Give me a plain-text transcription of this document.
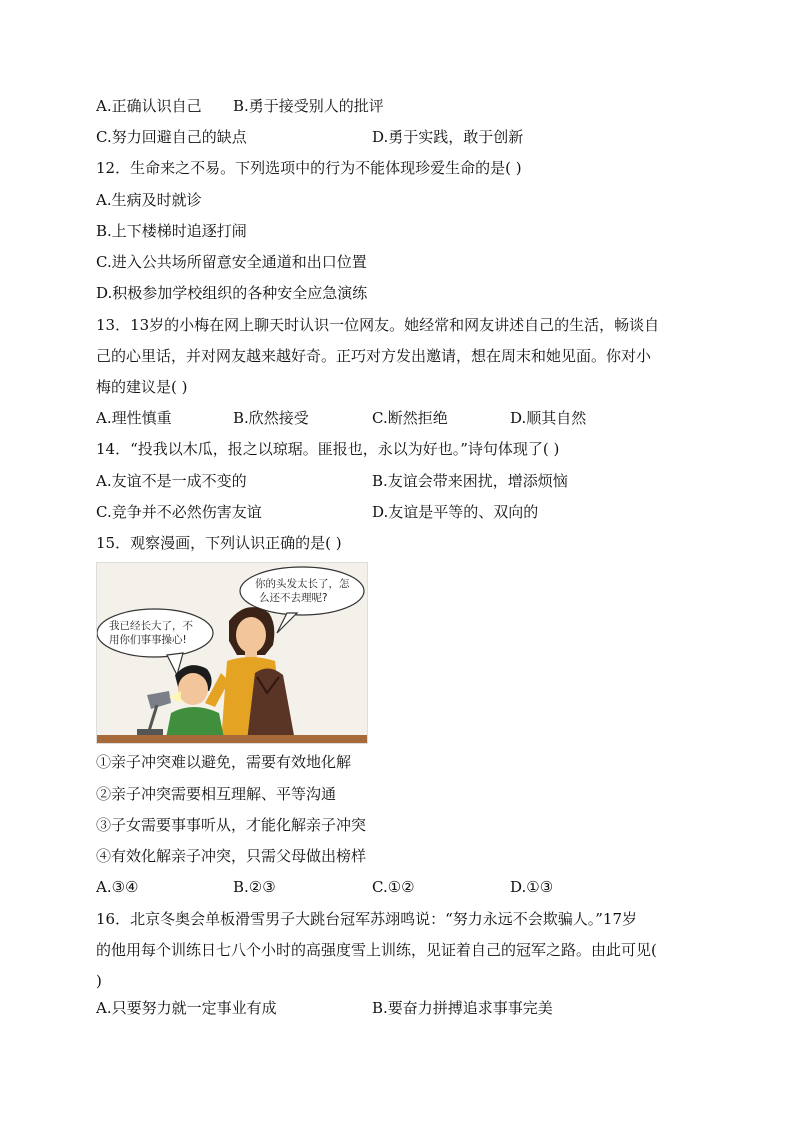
A.正确认识自己 B.勇于接受别人的批评
C.努力回避自己的缺点	D.勇于实践，敢于创新
12．生命来之不易。下列选项中的行为不能体现珍爱生命的是( )
A.生病及时就诊
B.上下楼梯时追逐打闹
C.进入公共场所留意安全通道和出口位置
D.积极参加学校组织的各种安全应急演练
13．13岁的小梅在网上聊天时认识一位网友。她经常和网友讲述自己的生活，畅谈自
己的心里话，并对网友越来越好奇。正巧对方发出邀请，想在周末和她见面。你对小
梅的建议是( )
A.理性慎重	B.欣然接受	C.断然拒绝	D.顺其自然
14．“投我以木瓜，报之以琼琚。匪报也，永以为好也。”诗句体现了( )
A.友谊不是一成不变的	B.友谊会带来困扰，增添烦恼
C.竞争并不必然伤害友谊	D.友谊是平等的、双向的
15．观察漫画，下列认识正确的是( )
你的头发太长了，怎
么还不去理呢?
我已经长大了，不
用你们事事操心!
①亲子冲突难以避免，需要有效地化解
②亲子冲突需要相互理解、平等沟通
③子女需要事事听从，才能化解亲子冲突
④有效化解亲子冲突，只需父母做出榜样
A.③④	B.②③	C.①②	D.①③
16．北京冬奥会单板滑雪男子大跳台冠军苏翊鸣说：“努力永远不会欺骗人。”17岁
的他用每个训练日七八个小时的高强度雪上训练，见证着自己的冠军之路。由此可见(
)
A.只要努力就一定事业有成	B.要奋力拼搏追求事事完美
